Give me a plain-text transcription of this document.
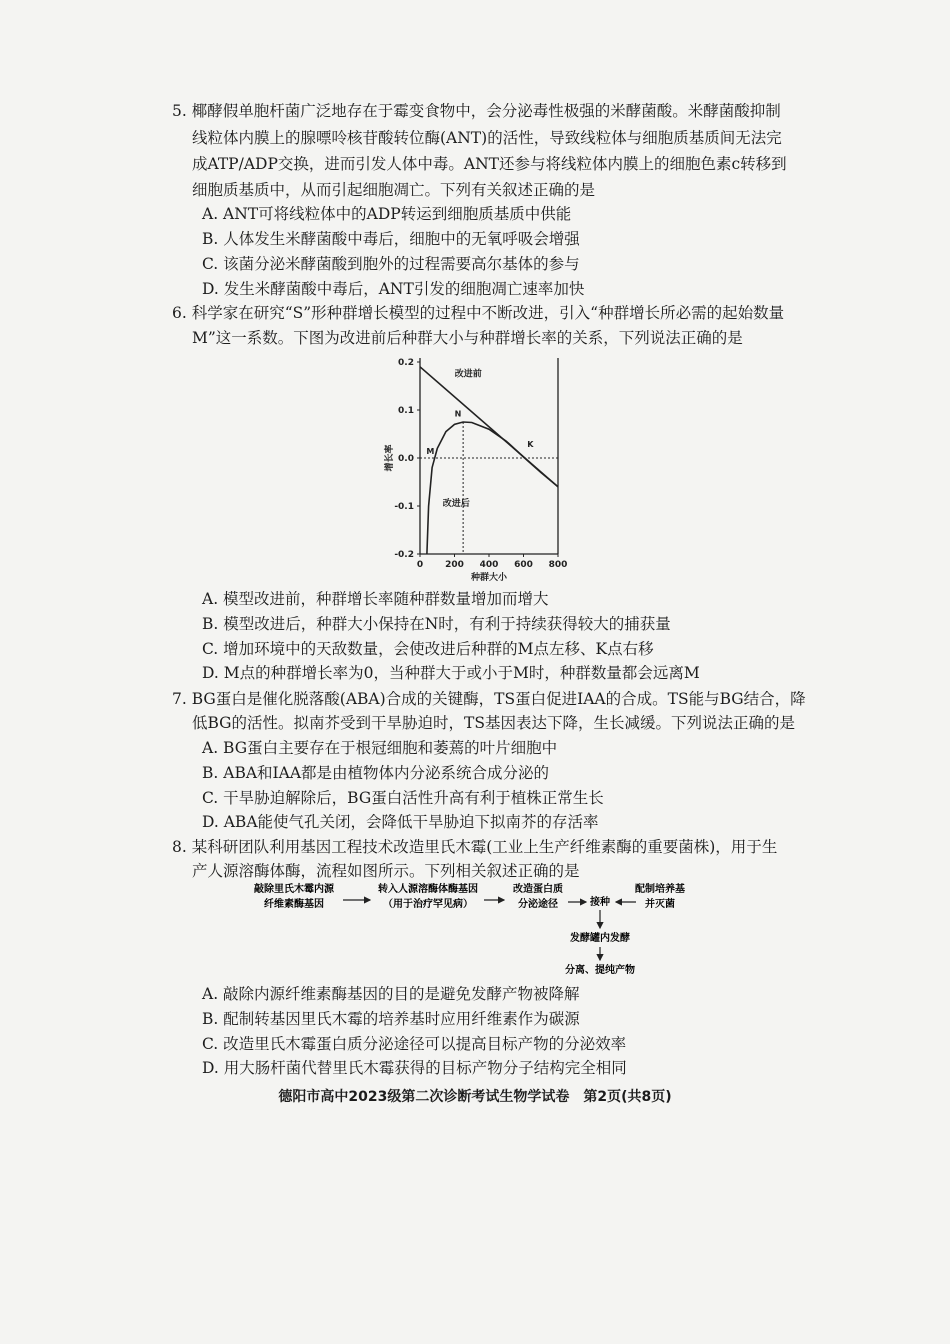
5. 椰酵假单胞杆菌广泛地存在于霉变食物中，会分泌毒性极强的米酵菌酸。米酵菌酸抑制
线粒体内膜上的腺嘌呤核苷酸转位酶(ANT)的活性，导致线粒体与细胞质基质间无法完
成ATP/ADP交换，进而引发人体中毒。ANT还参与将线粒体内膜上的细胞色素c转移到
细胞质基质中，从而引起细胞凋亡。下列有关叙述正确的是
A. ANT可将线粒体中的ADP转运到细胞质基质中供能
B. 人体发生米酵菌酸中毒后，细胞中的无氧呼吸会增强
C. 该菌分泌米酵菌酸到胞外的过程需要高尔基体的参与
D. 发生米酵菌酸中毒后，ANT引发的细胞凋亡速率加快
6. 科学家在研究“S”形种群增长模型的过程中不断改进，引入“种群增长所必需的起始数量
M”这一系数。下图为改进前后种群大小与种群增长率的关系，下列说法正确的是
0.2
0.1
0.0
-0.1
-0.2
0 200 400 600 800
种群大小
增长率	M
N
K
改进前
改进后
A. 模型改进前，种群增长率随种群数量增加而增大
B. 模型改进后，种群大小保持在N时，有利于持续获得较大的捕获量
C. 增加环境中的天敌数量，会使改进后种群的M点左移、K点右移
D. M点的种群增长率为0，当种群大于或小于M时，种群数量都会远离M
7. BG蛋白是催化脱落酸(ABA)合成的关键酶，TS蛋白促进IAA的合成。TS能与BG结合，降
低BG的活性。拟南芥受到干旱胁迫时，TS基因表达下降，生长减缓。下列说法正确的是
A. BG蛋白主要存在于根冠细胞和萎蔫的叶片细胞中
B. ABA和IAA都是由植物体内分泌系统合成分泌的
C. 干旱胁迫解除后，BG蛋白活性升高有利于植株正常生长
D. ABA能使气孔关闭，会降低干旱胁迫下拟南芥的存活率
8. 某科研团队利用基因工程技术改造里氏木霉(工业上生产纤维素酶的重要菌株)，用于生
产人源溶酶体酶，流程如图所示。下列相关叙述正确的是
敲除里氏木霉内源
纤维素酶基因
转入人源溶酶体酶基因
（用于治疗罕见病）
改造蛋白质
分泌途径	接种
配制培养基
并灭菌
发酵罐内发酵
分离、提纯产物
A. 敲除内源纤维素酶基因的目的是避免发酵产物被降解
B. 配制转基因里氏木霉的培养基时应用纤维素作为碳源
C. 改造里氏木霉蛋白质分泌途径可以提高目标产物的分泌效率
D. 用大肠杆菌代替里氏木霉获得的目标产物分子结构完全相同
德阳市高中2023级第二次诊断考试生物学试卷　第2页(共8页)
